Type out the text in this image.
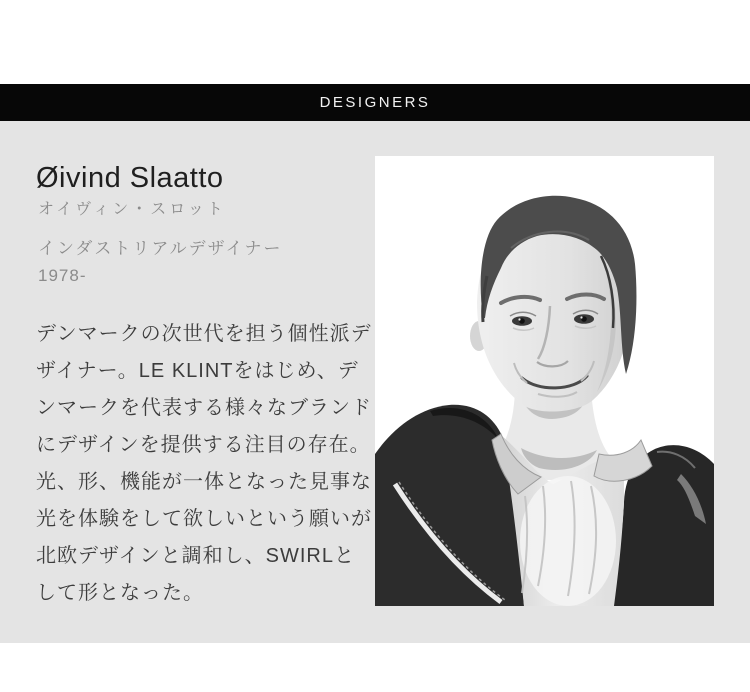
DESIGNERS
Øivind Slaatto
オイヴィン・スロット
インダストリアルデザイナー
1978-

デンマークの次世代を担う個性派デザイナー。LE KLINTをはじめ、デンマークを代表する様々なブランドにデザインを提供する注目の存在。光、形、機能が一体となった見事な光を体験をして欲しいという願いが北欧デザインと調和し、SWIRLとして形となった。
